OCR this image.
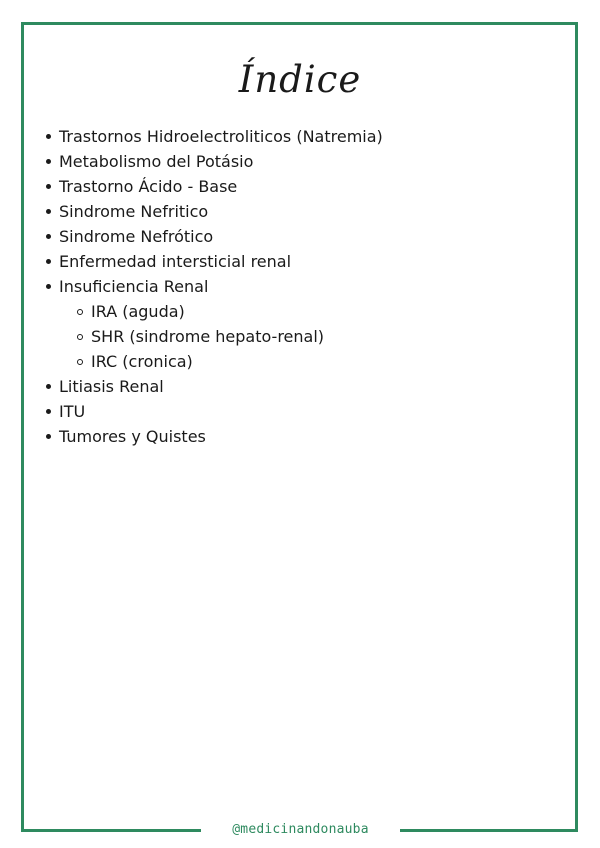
Índice
Trastornos Hidroelectroliticos (Natremia)
Metabolismo del Potásio
Trastorno Ácido - Base
Sindrome Nefritico
Sindrome Nefrótico
Enfermedad intersticial renal
Insuficiencia Renal
IRA (aguda)
SHR (sindrome hepato-renal)
IRC (cronica)
Litiasis Renal
ITU
Tumores y Quistes
@medicinandonauba
